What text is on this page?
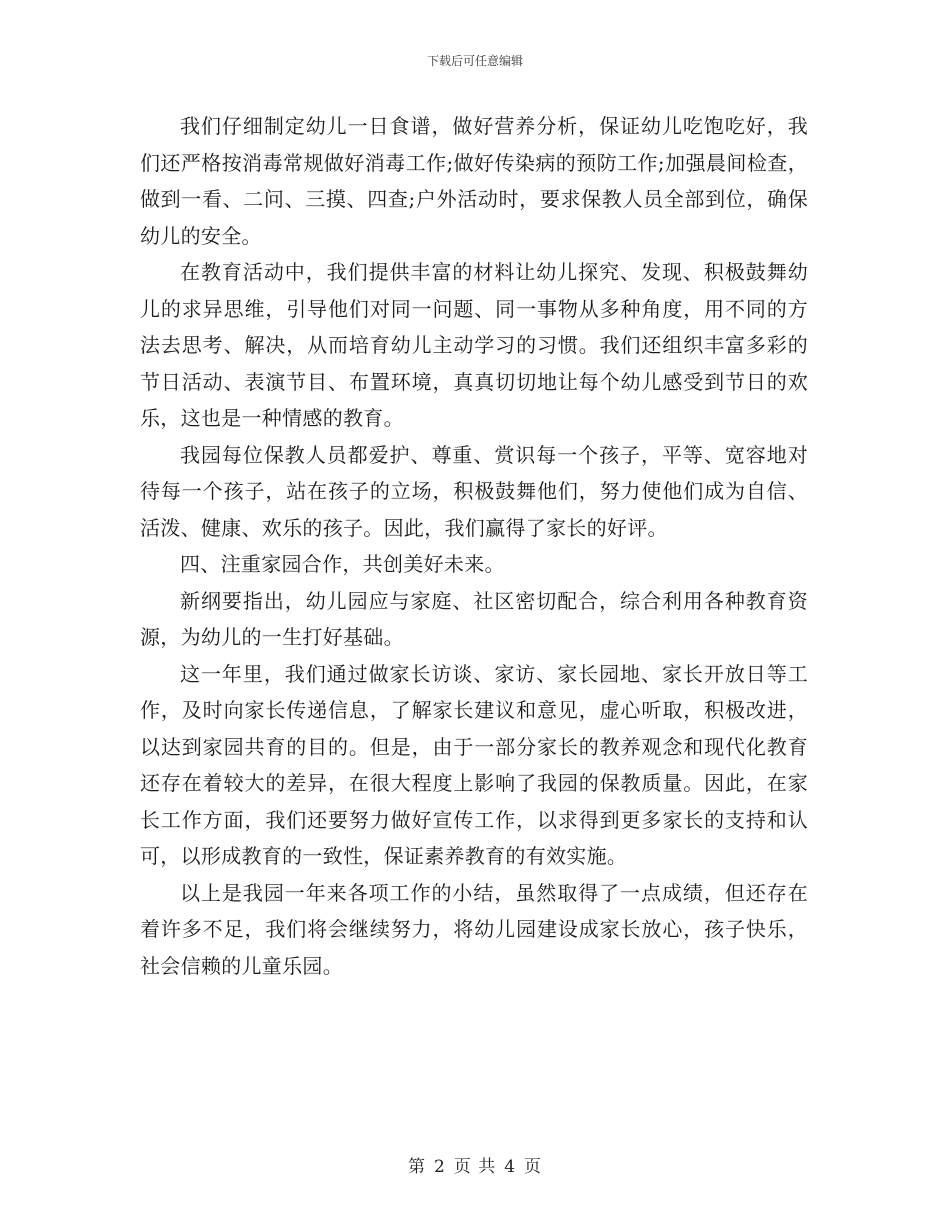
下载后可任意编辑

我们仔细制定幼儿一日食谱，做好营养分析，保证幼儿吃饱吃好，我们还严格按消毒常规做好消毒工作;做好传染病的预防工作;加强晨间检查，做到一看、二问、三摸、四查;户外活动时，要求保教人员全部到位，确保幼儿的安全。

在教育活动中，我们提供丰富的材料让幼儿探究、发现、积极鼓舞幼儿的求异思维，引导他们对同一问题、同一事物从多种角度，用不同的方法去思考、解决，从而培育幼儿主动学习的习惯。我们还组织丰富多彩的节日活动、表演节目、布置环境，真真切切地让每个幼儿感受到节日的欢乐，这也是一种情感的教育。

我园每位保教人员都爱护、尊重、赏识每一个孩子，平等、宽容地对待每一个孩子，站在孩子的立场，积极鼓舞他们，努力使他们成为自信、活泼、健康、欢乐的孩子。因此，我们赢得了家长的好评。

四、注重家园合作，共创美好未来。

新纲要指出，幼儿园应与家庭、社区密切配合，综合利用各种教育资源，为幼儿的一生打好基础。

这一年里，我们通过做家长访谈、家访、家长园地、家长开放日等工作，及时向家长传递信息，了解家长建议和意见，虚心听取，积极改进，以达到家园共育的目的。但是，由于一部分家长的教养观念和现代化教育还存在着较大的差异，在很大程度上影响了我园的保教质量。因此，在家长工作方面，我们还要努力做好宣传工作，以求得到更多家长的支持和认可，以形成教育的一致性，保证素养教育的有效实施。

以上是我园一年来各项工作的小结，虽然取得了一点成绩，但还存在着许多不足，我们将会继续努力，将幼儿园建设成家长放心，孩子快乐，社会信赖的儿童乐园。

第 2 页 共 4 页
